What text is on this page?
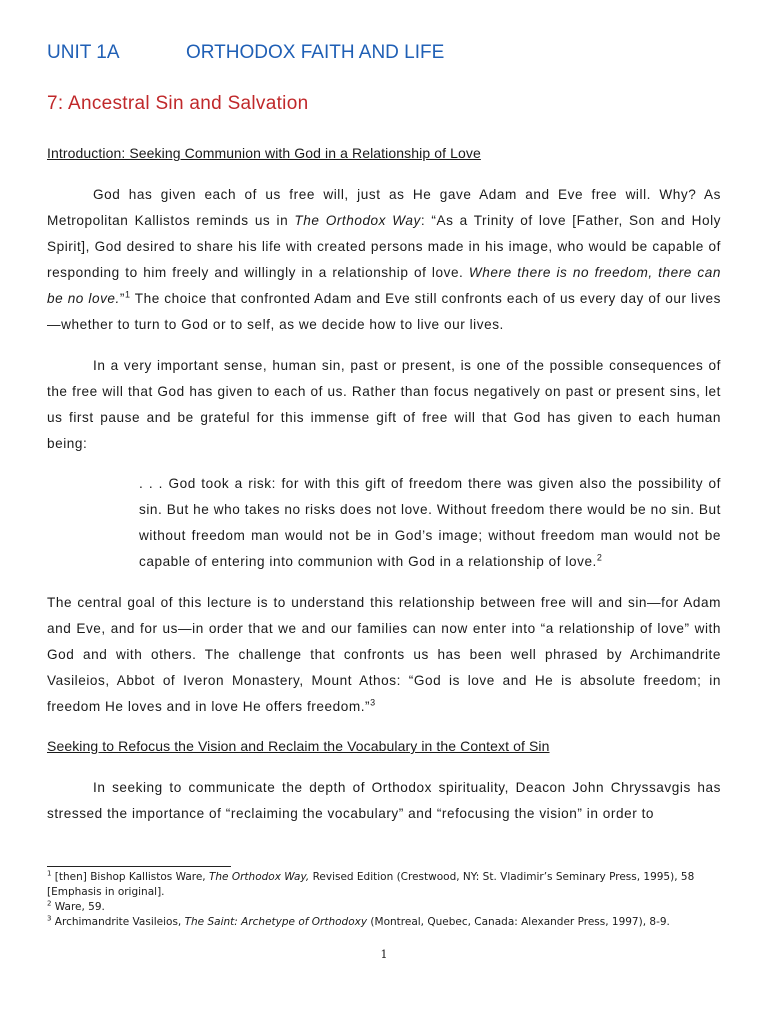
UNIT 1A	ORTHODOX FAITH AND LIFE
7: Ancestral Sin and Salvation
Introduction: Seeking Communion with God in a Relationship of Love

God has given each of us free will, just as He gave Adam and Eve free will. Why? As Metropolitan Kallistos reminds us in The Orthodox Way: “As a Trinity of love [Father, Son and Holy Spirit], God desired to share his life with created persons made in his image, who would be capable of responding to him freely and willingly in a relationship of love. Where there is no freedom, there can be no love.”$^1$ The choice that confronted Adam and Eve still confronts each of us every day of our lives—whether to turn to God or to self, as we decide how to live our lives.

In a very important sense, human sin, past or present, is one of the possible consequences of the free will that God has given to each of us. Rather than focus negatively on past or present sins, let us first pause and be grateful for this immense gift of free will that God has given to each human being:

. . . God took a risk: for with this gift of freedom there was given also the possibility of sin. But he who takes no risks does not love. Without freedom there would be no sin. But without freedom man would not be in God’s image; without freedom man would not be capable of entering into communion with God in a relationship of love.$^2$

The central goal of this lecture is to understand this relationship between free will and sin—for Adam and Eve, and for us—in order that we and our families can now enter into “a relationship of love” with God and with others. The challenge that confronts us has been well phrased by Archimandrite Vasileios, Abbot of Iveron Monastery, Mount Athos: “God is love and He is absolute freedom; in freedom He loves and in love He offers freedom.”$^3$

Seeking to Refocus the Vision and Reclaim the Vocabulary in the Context of Sin

In seeking to communicate the depth of Orthodox spirituality, Deacon John Chryssavgis has stressed the importance of “reclaiming the vocabulary” and “refocusing the vision” in order to

$^1$ [then] Bishop Kallistos Ware, The Orthodox Way, Revised Edition (Crestwood, NY: St. Vladimir’s Seminary Press, 1995), 58 [Emphasis in original].

$^2$ Ware, 59.

$^3$ Archimandrite Vasileios, The Saint: Archetype of Orthodoxy (Montreal, Quebec, Canada: Alexander Press, 1997), 8-9.

1
